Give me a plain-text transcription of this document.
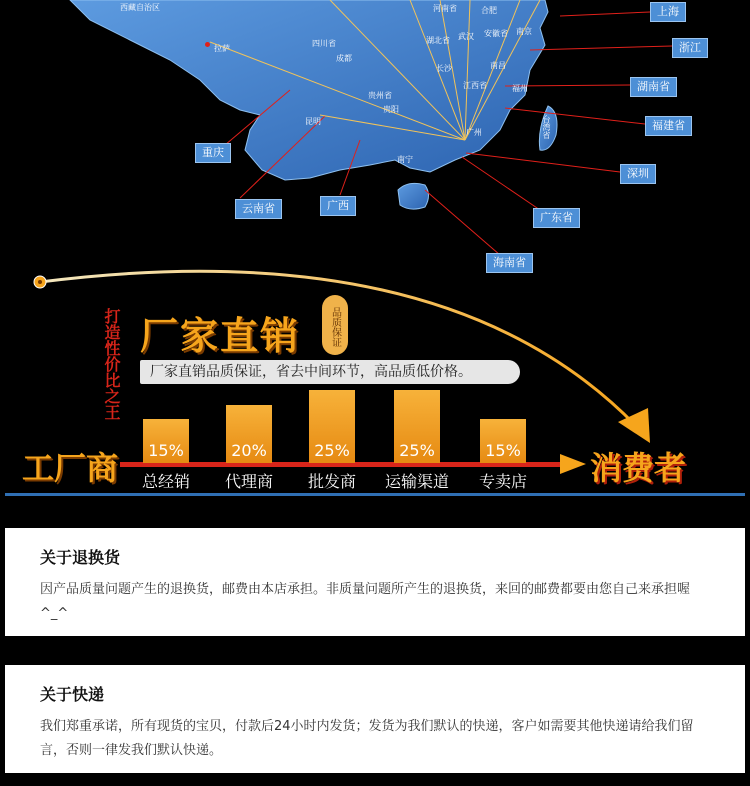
西藏自治区
拉萨
四川省
成都
贵州省
贵阳
昆明
南宁
河南省
湖北省 武汉
合肥
安徽省 南京
长沙	南昌
江西省	福州
广州	台湾省
上海
浙江
湖南省
福建省
深圳
广东省
海南省
重庆
云南省	广西
打造性价比之王 厂家直销	品质保证
厂家直销品质保证，省去中间环节，高品质低价格。
工厂商	消费者
15%
总经销
20%
代理商
25%
批发商
25%
运输渠道
15%
专卖店

关于退换货

因产品质量问题产生的退换货，邮费由本店承担。非质量问题所产生的退换货，来回的邮费都要由您自己来承担喔^_^

关于快递

我们郑重承诺，所有现货的宝贝，付款后24小时内发货；发货为我们默认的快递，客户如需要其他快递请给我们留言，否则一律发我们默认快递。
